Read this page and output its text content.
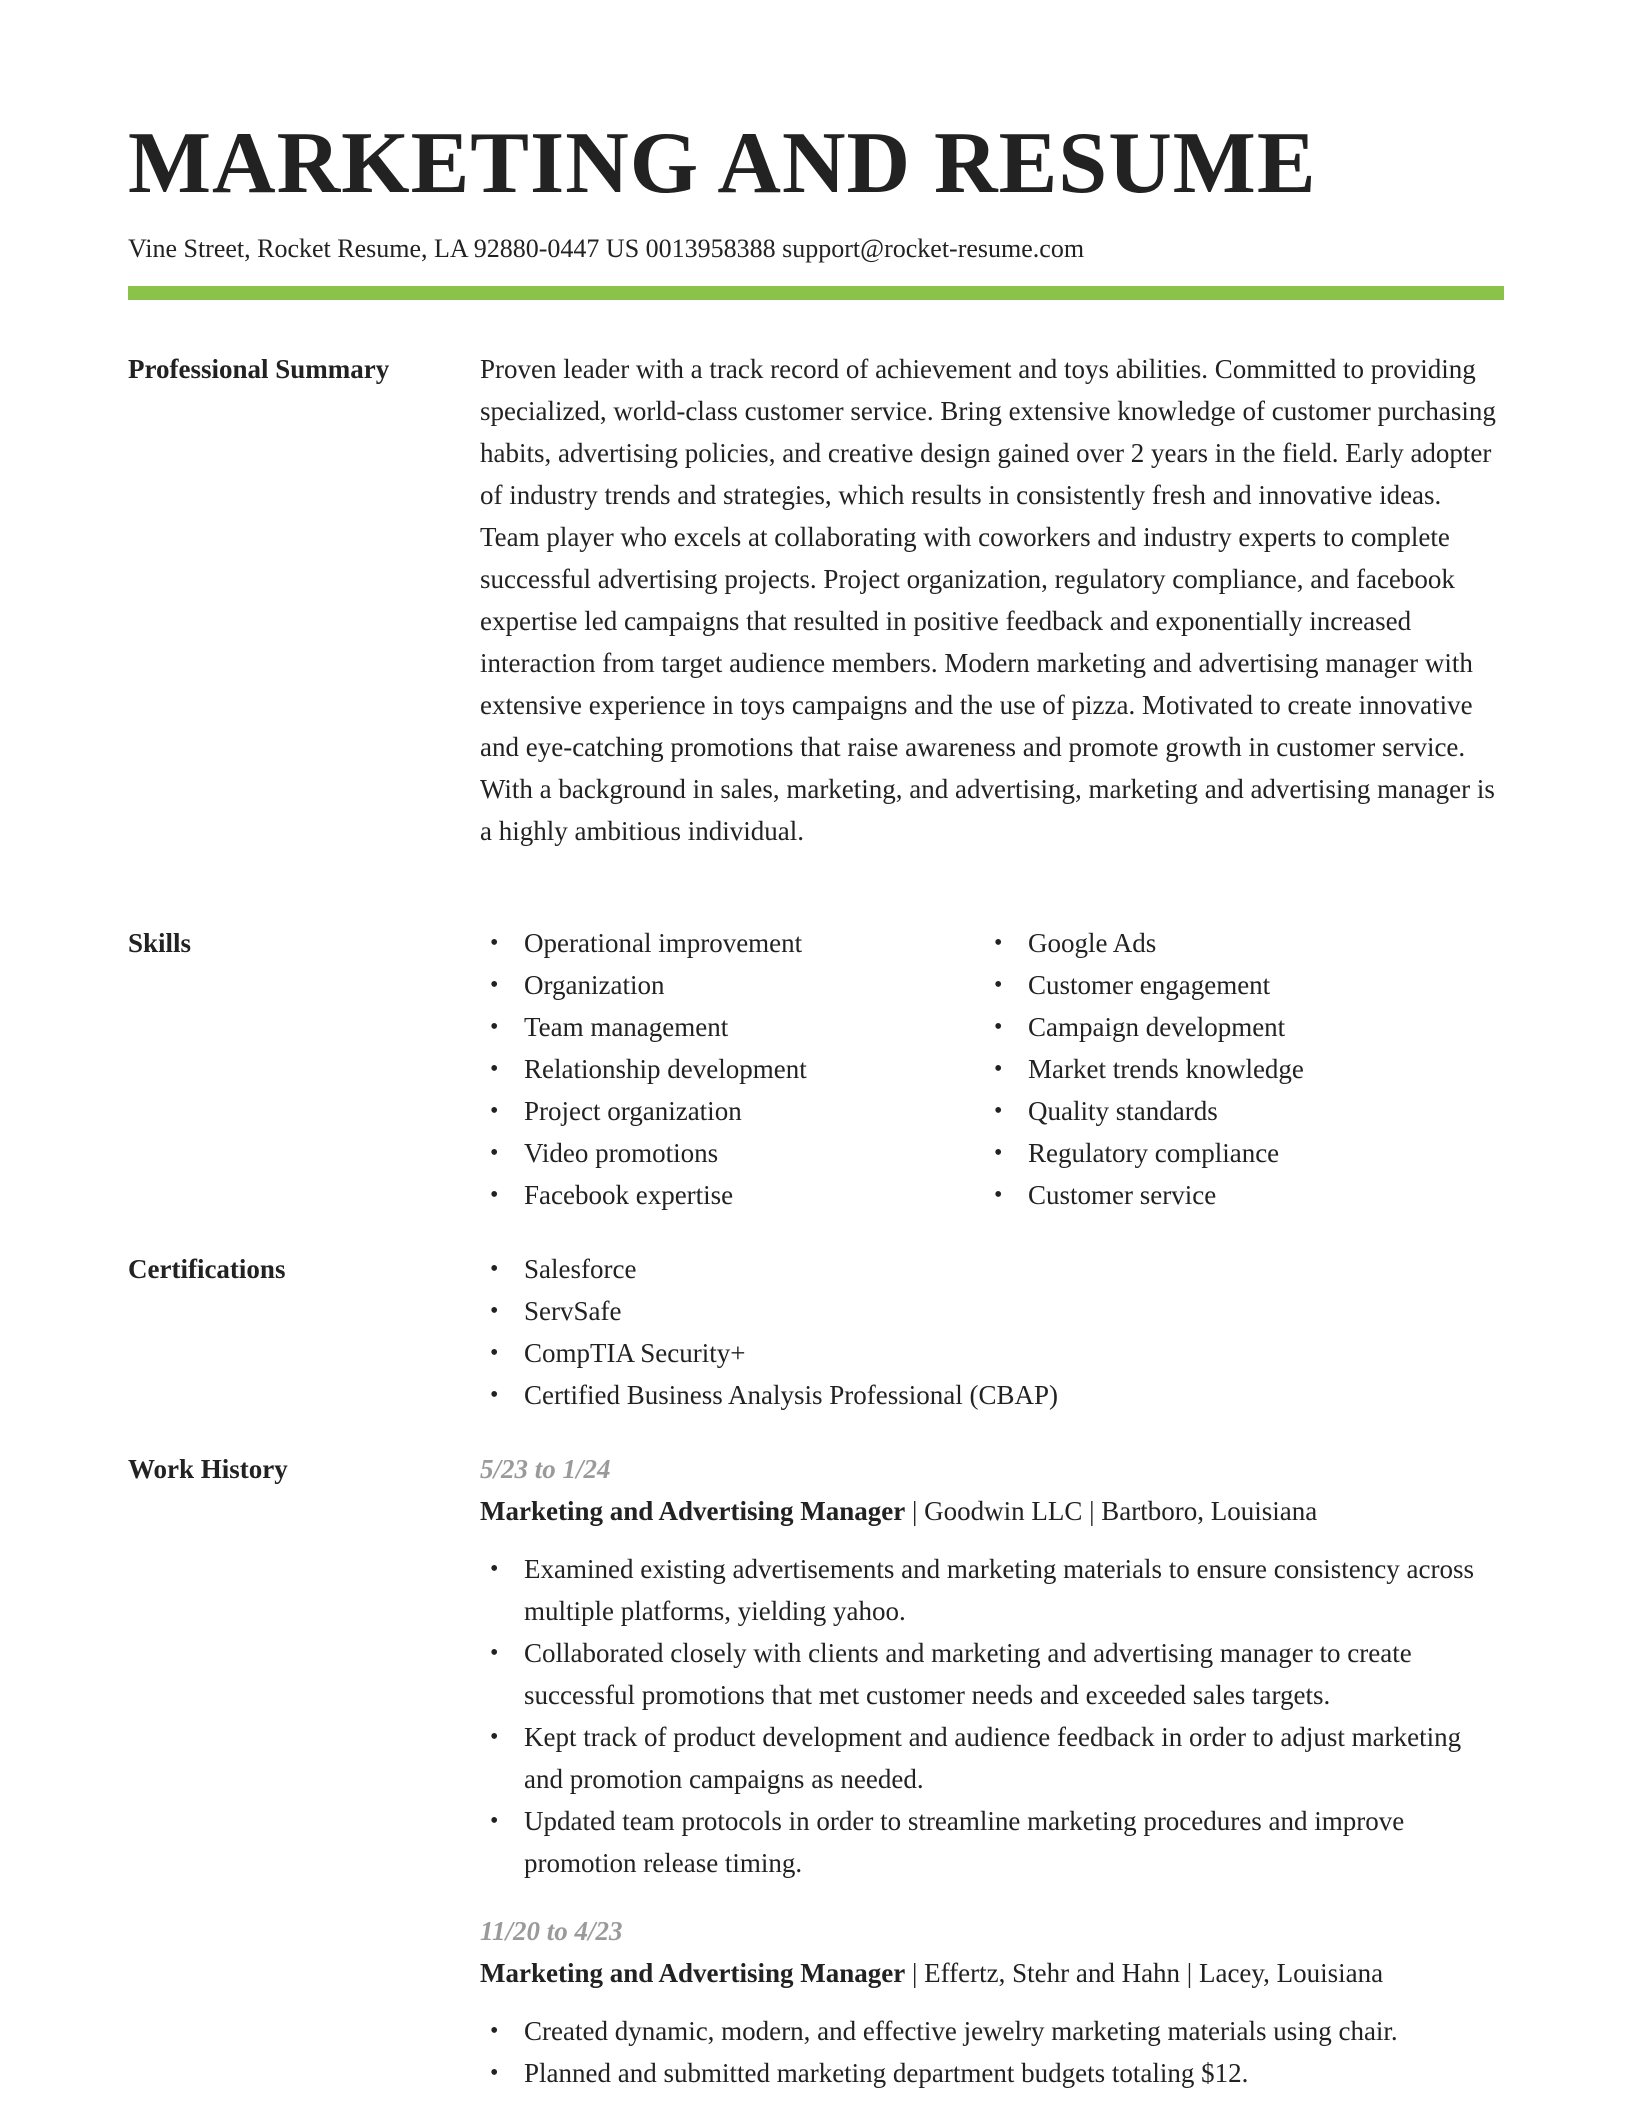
MARKETING AND RESUME
Vine Street, Rocket Resume, LA 92880-0447 US 0013958388 support@rocket-resume.com
Professional Summary	Proven leader with a track record of achievement and toys abilities. Committed to providing specialized, world-class customer service. Bring extensive knowledge of customer purchasing habits, advertising policies, and creative design gained over 2 years in the field. Early adopter of industry trends and strategies, which results in consistently fresh and innovative ideas. Team player who excels at collaborating with coworkers and industry experts to complete successful advertising projects. Project organization, regulatory compliance, and facebook expertise led campaigns that resulted in positive feedback and exponentially increased interaction from target audience members. Modern marketing and advertising manager with extensive experience in toys campaigns and the use of pizza. Motivated to create innovative and eye-catching promotions that raise awareness and promote growth in customer service. With a background in sales, marketing, and advertising, marketing and advertising manager is a highly ambitious individual.

Skills	• Operational improvement
• Organization
• Team management
• Relationship development
• Project organization
• Video promotions
• Facebook expertise
• Google Ads
• Customer engagement
• Campaign development
• Market trends knowledge
• Quality standards
• Regulatory compliance
• Customer service
Certifications	• Salesforce
• ServSafe
• CompTIA Security+
• Certified Business Analysis Professional (CBAP)
Work History	5/23 to 1/24
Marketing and Advertising Manager | Goodwin LLC | Bartboro, Louisiana
• Examined existing advertisements and marketing materials to ensure consistency across multiple platforms, yielding yahoo.
• Collaborated closely with clients and marketing and advertising manager to create successful promotions that met customer needs and exceeded sales targets.
• Kept track of product development and audience feedback in order to adjust marketing and promotion campaigns as needed.
• Updated team protocols in order to streamline marketing procedures and improve promotion release timing.
11/20 to 4/23
Marketing and Advertising Manager | Effertz, Stehr and Hahn | Lacey, Louisiana
• Created dynamic, modern, and effective jewelry marketing materials using chair.
• Planned and submitted marketing department budgets totaling $12.
